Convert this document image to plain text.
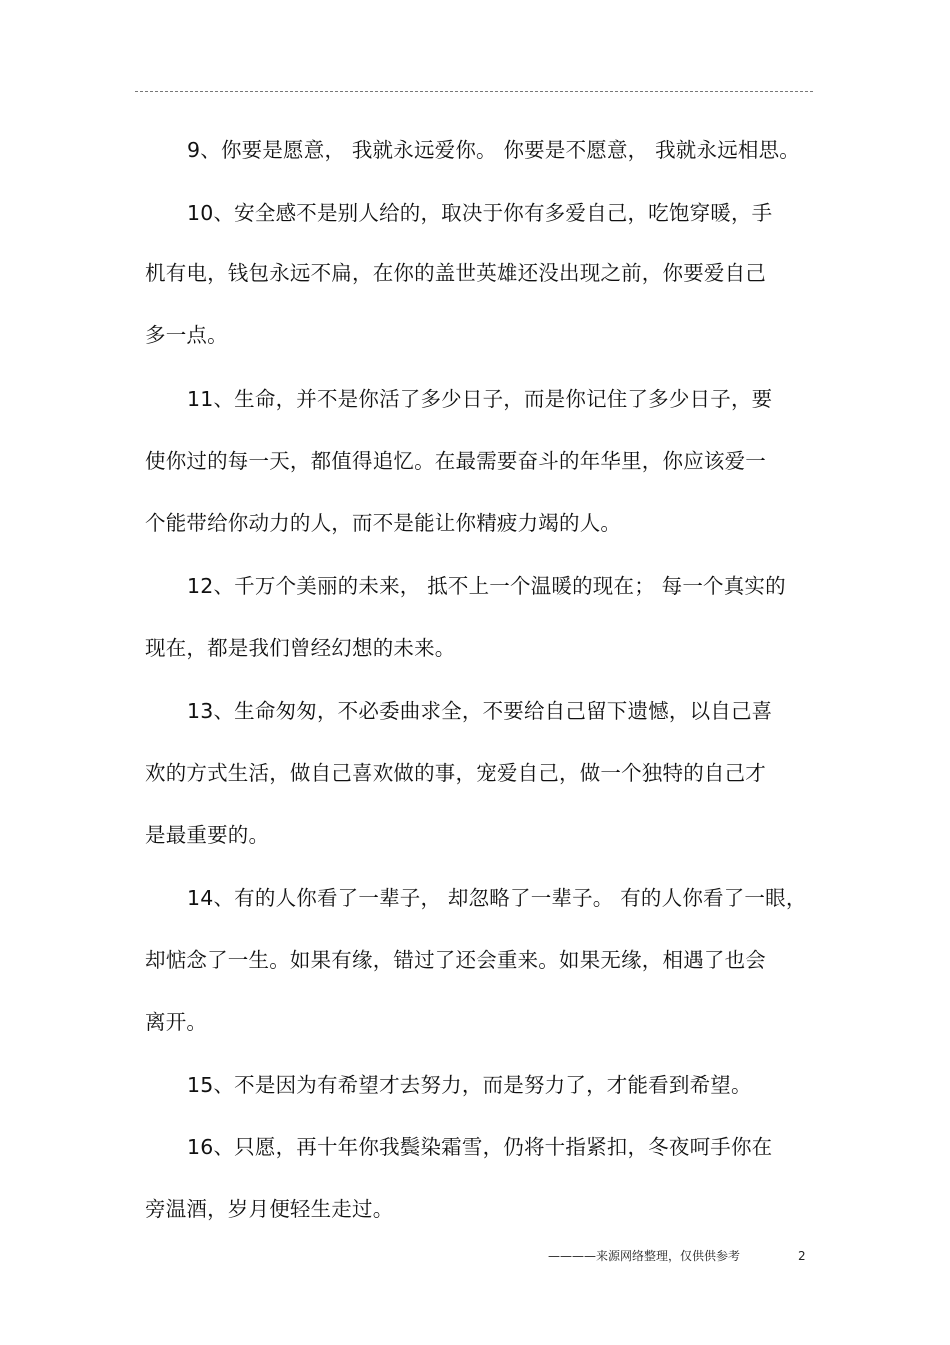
9、你要是愿意， 我就永远爱你。 你要是不愿意， 我就永远相思。
10、安全感不是别人给的，取决于你有多爱自己，吃饱穿暖，手
机有电，钱包永远不扁，在你的盖世英雄还没出现之前，你要爱自己
多一点。
11、生命，并不是你活了多少日子，而是你记住了多少日子，要
使你过的每一天，都值得追忆。在最需要奋斗的年华里，你应该爱一
个能带给你动力的人，而不是能让你精疲力竭的人。
12、千万个美丽的未来， 抵不上一个温暖的现在； 每一个真实的
现在，都是我们曾经幻想的未来。
13、生命匆匆，不必委曲求全，不要给自己留下遗憾，以自己喜
欢的方式生活，做自己喜欢做的事，宠爱自己，做一个独特的自己才
是最重要的。
14、有的人你看了一辈子， 却忽略了一辈子。 有的人你看了一眼，
却惦念了一生。如果有缘，错过了还会重来。如果无缘，相遇了也会
离开。
15、不是因为有希望才去努力，而是努力了，才能看到希望。
16、只愿，再十年你我鬓染霜雪，仍将十指紧扣，冬夜呵手你在
旁温酒，岁月便轻生走过。
————来源网络整理，仅供供参考	2
